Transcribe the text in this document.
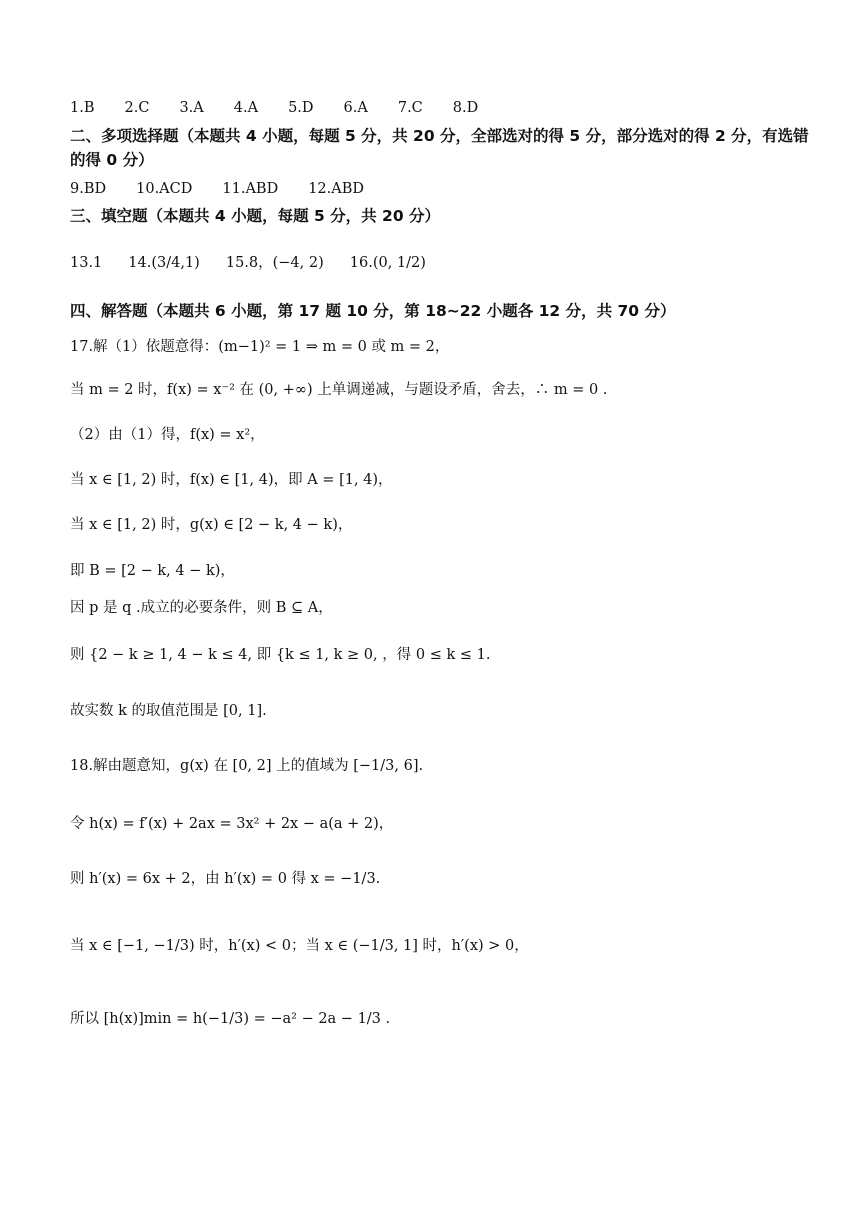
1.B 2.C 3.A 4.A 5.D 6.A 7.C 8.D
二、多项选择题（本题共 4 小题，每题 5 分，共 20 分，全部选对的得 5 分，部分选对的得 2 分，有选错的得 0 分）
9.BD 10.ACD 11.ABD 12.ABD
三、填空题（本题共 4 小题，每题 5 分，共 20 分）
13.1 14.(3/4,1) 15.8，(−4, 2) 16.(0, 1/2)
四、解答题（本题共 6 小题，第 17 题 10 分，第 18~22 小题各 12 分，共 70 分）
17.解（1）依题意得：(m−1)² = 1 ⇒ m = 0 或 m = 2，
当 m = 2 时，f(x) = x⁻² 在 (0, +∞) 上单调递减，与题设矛盾，舍去，∴ m = 0 .
（2）由（1）得，f(x) = x²，
当 x ∈ [1, 2) 时，f(x) ∈ [1, 4)，即 A = [1, 4)，
当 x ∈ [1, 2) 时，g(x) ∈ [2 − k, 4 − k)，
即 B = [2 − k, 4 − k)，
因 p 是 q .成立的必要条件，则 B ⊆ A，
则 {2 − k ≥ 1, 4 − k ≤ 4, 即 {k ≤ 1, k ≥ 0, ，得 0 ≤ k ≤ 1.
故实数 k 的取值范围是 [0, 1].
18.解由题意知，g(x) 在 [0, 2] 上的值域为 [−1/3, 6].
令 h(x) = f′(x) + 2ax = 3x² + 2x − a(a + 2)，
则 h′(x) = 6x + 2，由 h′(x) = 0 得 x = −1/3.
当 x ∈ [−1, −1/3) 时，h′(x) < 0；当 x ∈ (−1/3, 1] 时，h′(x) > 0，
所以 [h(x)]min = h(−1/3) = −a² − 2a − 1/3 .
